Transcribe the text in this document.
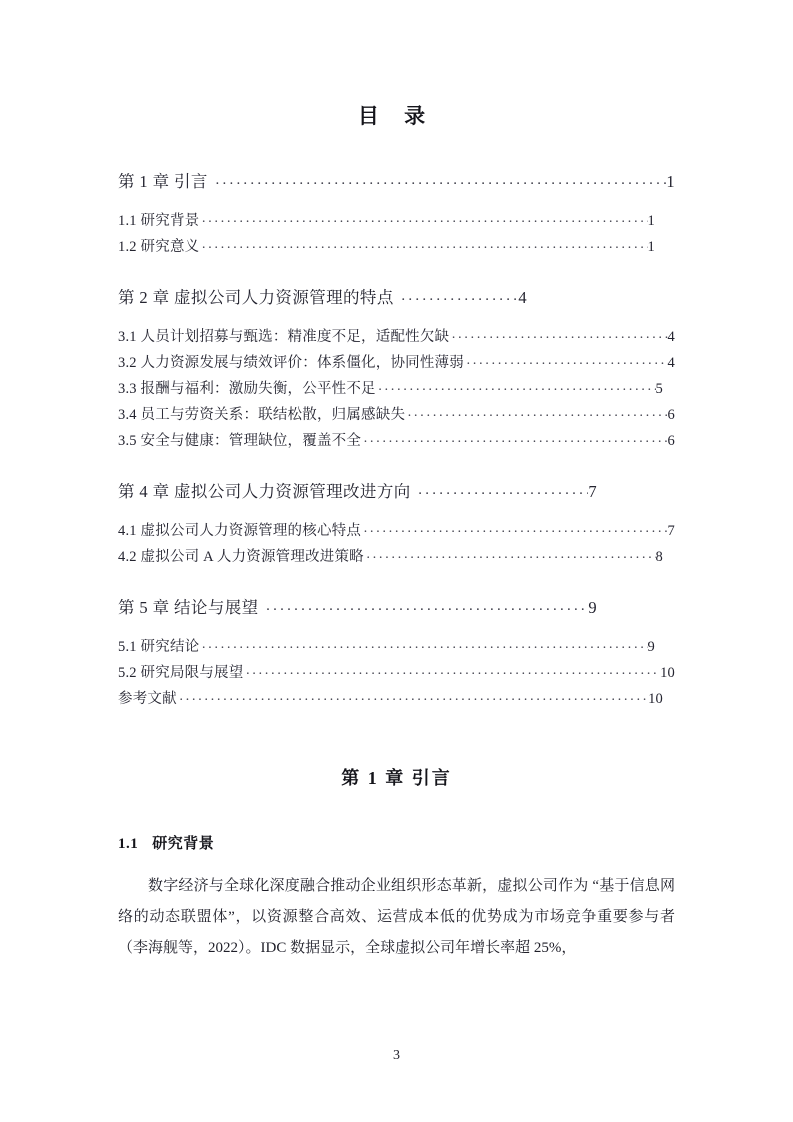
目 录
第 1 章 引言 ·····	1
1.1 研究背景 ·····	1
1.2 研究意义 ·····	1
第 2 章 虚拟公司人力资源管理的特点 ·····	4
3.1 人员计划招募与甄选：精准度不足，适配性欠缺 ·····	4
3.2 人力资源发展与绩效评价：体系僵化，协同性薄弱 ·····	4
3.3 报酬与福利：激励失衡，公平性不足 ·····	5
3.4 员工与劳资关系：联结松散，归属感缺失 ·····	6
3.5 安全与健康：管理缺位，覆盖不全 ·····	6
第 4 章 虚拟公司人力资源管理改进方向 ·····	7
4.1 虚拟公司人力资源管理的核心特点 ·····	7
4.2 虚拟公司 A 人力资源管理改进策略 ·····	8
第 5 章 结论与展望 ·····	9
5.1 研究结论 ·····	9
5.2 研究局限与展望 ·····	10
参考文献 ·····	10
第 1 章 引言
1.1 研究背景

数字经济与全球化深度融合推动企业组织形态革新，虚拟公司作为 “基于信息网络的动态联盟体”，以资源整合高效、运营成本低的优势成为市场竞争重要参与者（李海舰等，2022）。IDC 数据显示，全球虚拟公司年增长率超 25%，

3
